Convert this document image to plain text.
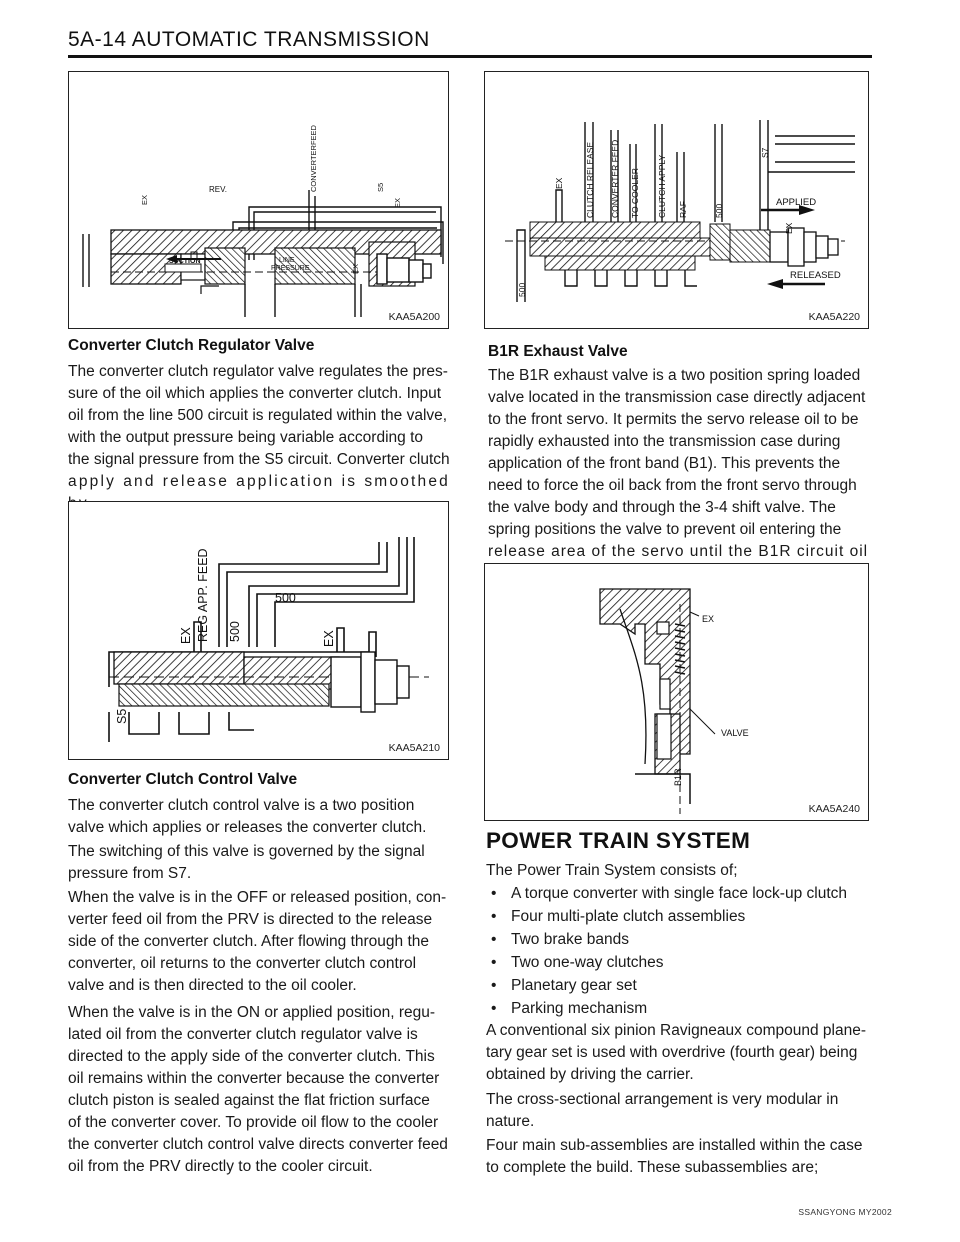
5A-14 AUTOMATIC TRANSMISSION
EX
REV.	CONVERTERFEED	S5
EX
SUCTION	LINE
PRESSURE	EX
KAA5A200
EX CLUTCH RELEASE CONVERTER FEED TO COOLER CLUTCH APPLY RAF	500
S7
EX
500
APPLIED
RELEASED
KAA5A220
Converter Clutch Regulator Valve
The converter clutch regulator valve regulates the pres-
sure of the oil which applies the converter clutch. Input
oil from the line 500 circuit is regulated within the valve,
with the output pressure being variable according to
the signal pressure from the S5 circuit. Converter clutch
apply and release application is smoothed
B1R Exhaust Valve
The B1R exhaust valve is a two position spring loaded
valve located in the transmission case directly adjacent
to the front servo. It permits the servo release oil to be
rapidly exhausted into the transmission case during
application of the front band (B1). This prevents the
need to force the oil back from the front servo through
the valve body and through the 3-4 shift valve. The
spring positions the valve to prevent oil entering the
release area of the servo until the B1R circuit oil
REG APP. FEED
EX	500
500
EX
S5
KAA5A210
EX
VALVE
B1R
KAA5A240
Converter Clutch Control Valve
The converter clutch control valve is a two position
valve which applies or releases the converter clutch.
The switching of this valve is governed by the signal
pressure from S7.
When the valve is in the OFF or released position, con-
verter feed oil from the PRV is directed to the release
side of the converter clutch. After flowing through the
converter, oil returns to the converter clutch control
valve and is then directed to the oil cooler.
When the valve is in the ON or applied position, regu-
lated oil from the converter clutch regulator valve is
directed to the apply side of the converter clutch. This
oil remains within the converter because the converter
clutch piston is sealed against the flat friction surface
of the converter cover. To provide oil flow to the cooler
the converter clutch control valve directs converter feed
oil from the PRV directly to the cooler circuit.
POWER TRAIN SYSTEM
The Power Train System consists of;
• A torque converter with single face lock-up clutch
• Four multi-plate clutch assemblies
• Two brake bands
• Two one-way clutches
• Planetary gear set
• Parking mechanism
A conventional six pinion Ravigneaux compound plane-
tary gear set is used with overdrive (fourth gear) being
obtained by driving the carrier.
The cross-sectional arrangement is very modular in
nature.
Four main sub-assemblies are installed within the case
to complete the build. These subassemblies are;
SSANGYONG MY2002
